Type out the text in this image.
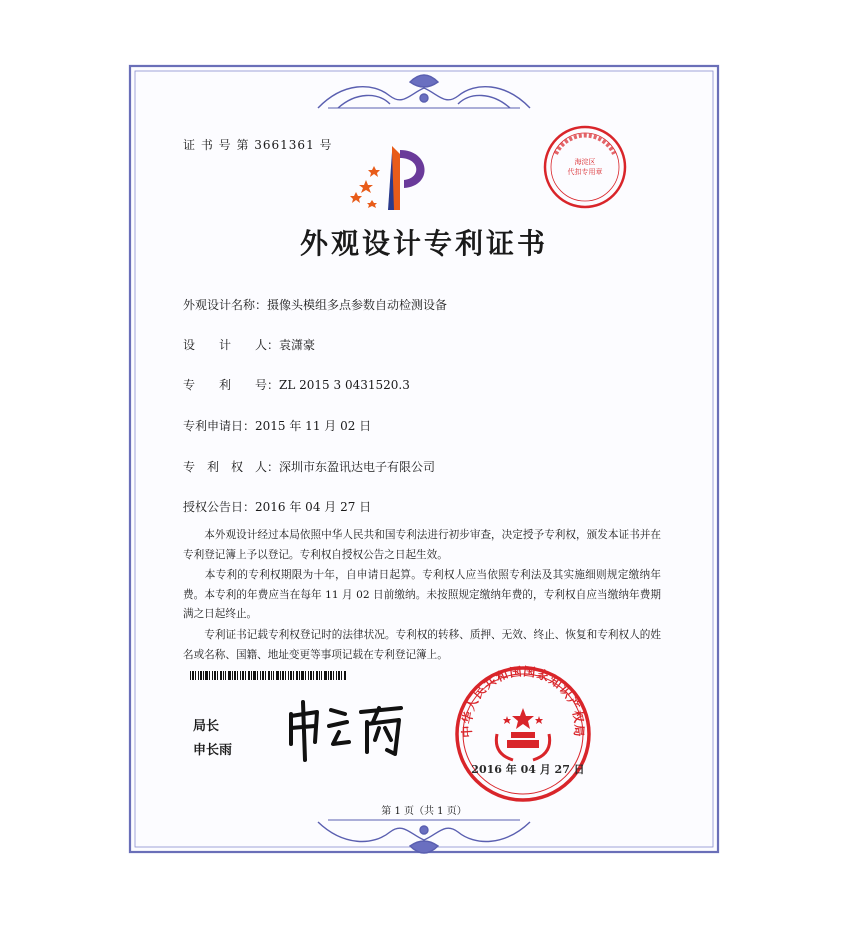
证 书 号 第 3661361 号
海淀区
代扣专用章
外观设计专利证书
外观设计名称：摄像头模组多点参数自动检测设备
设　　计　　人：袁潇豪
专　　利　　号：ZL 2015 3 0431520.3
专利申请日：2015 年 11 月 02 日
专　利　权　人：深圳市东盈讯达电子有限公司
授权公告日：2016 年 04 月 27 日
　　本外观设计经过本局依照中华人民共和国专利法进行初步审查，决定授予专利权，颁发本证书并在专利登记簿上予以登记。专利权自授权公告之日起生效。
　　本专利的专利权期限为十年，自申请日起算。专利权人应当依照专利法及其实施细则规定缴纳年费。本专利的年费应当在每年 11 月 02 日前缴纳。未按照规定缴纳年费的，专利权自应当缴纳年费期满之日起终止。
　　专利证书记载专利权登记时的法律状况。专利权的转移、质押、无效、终止、恢复和专利权人的姓名或名称、国籍、地址变更等事项记载在专利登记簿上。
局长
申长雨
中华人民共和国国家知识产权局
2016 年 04 月 27 日
第 1 页（共 1 页）
